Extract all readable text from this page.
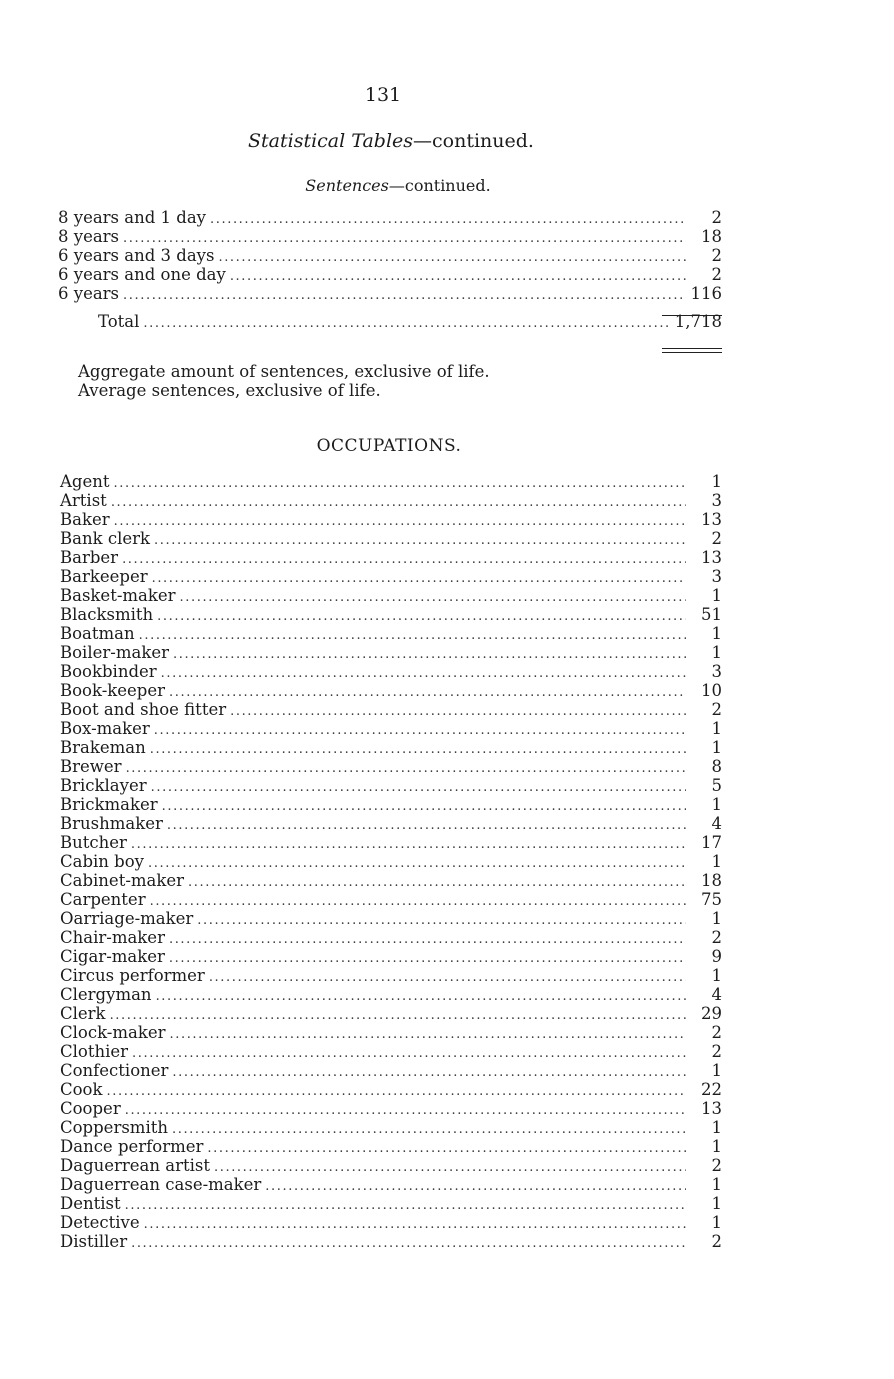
131
Statistical Tables—continued.
Sentences—continued.
8 years and 1 day .....	2
8 years .....	18
6 years and 3 days .....	2
6 years and one day .....	2
6 years .....	116
Total .....	1,718
Aggregate amount of sentences, exclusive of life.
Average sentences, exclusive of life.
OCCUPATIONS.
Agent .....	1
Artist .....	3
Baker .....	13
Bank clerk .....	2
Barber .....	13
Barkeeper .....	3
Basket-maker .....	1
Blacksmith .....	51
Boatman .....	1
Boiler-maker .....	1
Bookbinder .....	3
Book-keeper .....	10
Boot and shoe fitter .....	2
Box-maker .....	1
Brakeman .....	1
Brewer .....	8
Bricklayer .....	5
Brickmaker .....	1
Brushmaker .....	4
Butcher .....	17
Cabin boy .....	1
Cabinet-maker .....	18
Carpenter .....	75
Oarriage-maker .....	1
Chair-maker .....	2
Cigar-maker .....	9
Circus performer .....	1
Clergyman .....	4
Clerk .....	29
Clock-maker .....	2
Clothier .....	2
Confectioner .....	1
Cook .....	22
Cooper .....	13
Coppersmith .....	1
Dance performer .....	1
Daguerrean artist .....	2
Daguerrean case-maker .....	1
Dentist .....	1
Detective .....	1
Distiller .....	2
